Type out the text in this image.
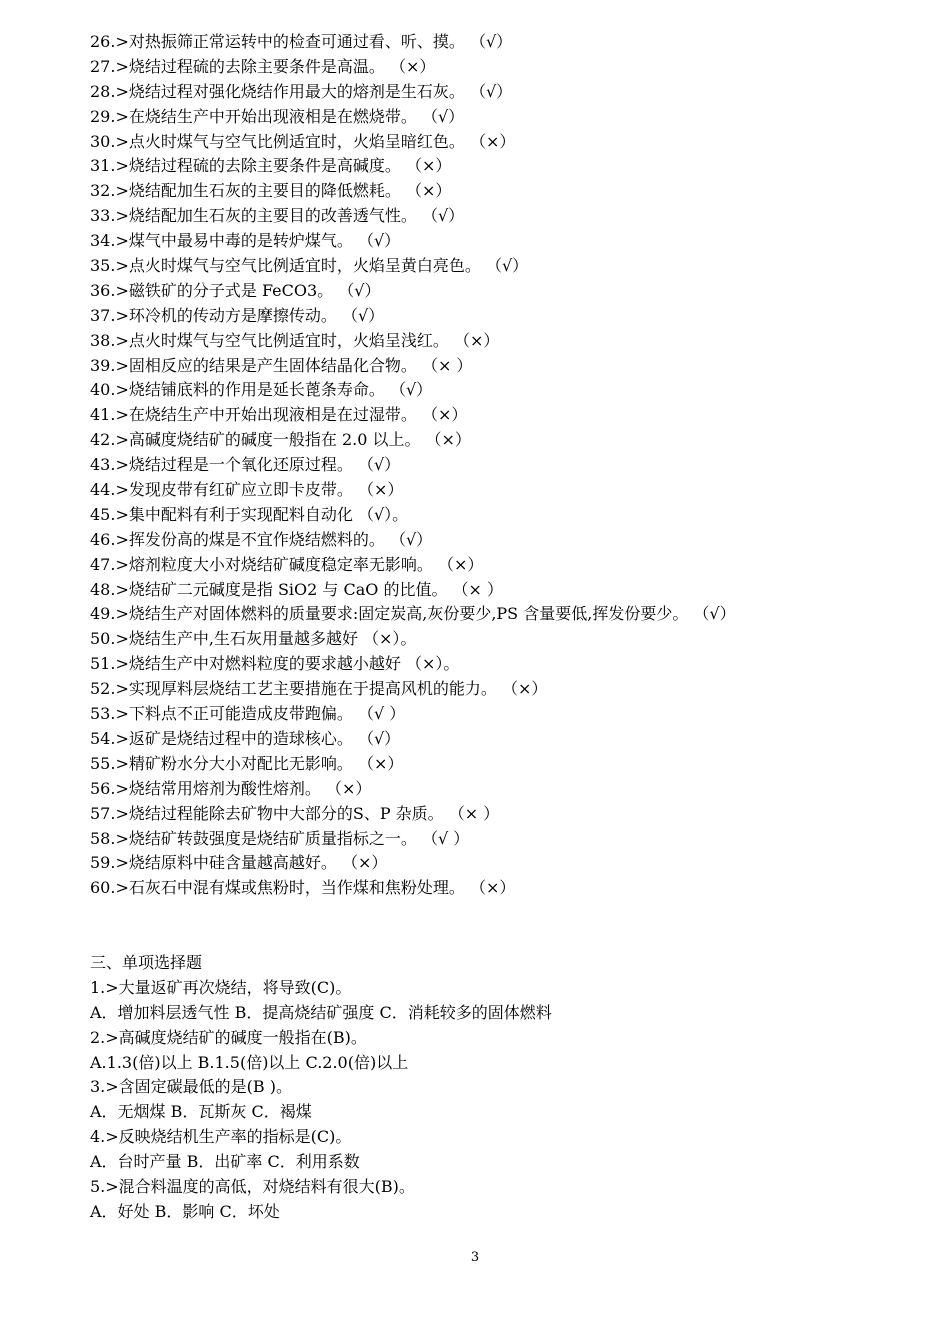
26.>对热振筛正常运转中的检查可通过看、听、摸。 （√）
27.>烧结过程硫的去除主要条件是高温。 （×）
28.>烧结过程对强化烧结作用最大的熔剂是生石灰。 （√）
29.>在烧结生产中开始出现液相是在燃烧带。 （√）
30.>点火时煤气与空气比例适宜时，火焰呈暗红色。 （×）
31.>烧结过程硫的去除主要条件是高碱度。 （×）
32.>烧结配加生石灰的主要目的降低燃耗。 （×）
33.>烧结配加生石灰的主要目的改善透气性。 （√）
34.>煤气中最易中毒的是转炉煤气。 （√）
35.>点火时煤气与空气比例适宜时，火焰呈黄白亮色。 （√）
36.>磁铁矿的分子式是 FeCO3。 （√）
37.>环冷机的传动方是摩擦传动。 （√）
38.>点火时煤气与空气比例适宜时，火焰呈浅红。 （×）
39.>固相反应的结果是产生固体结晶化合物。 （× ）
40.>烧结铺底料的作用是延长蓖条寿命。 （√）
41.>在烧结生产中开始出现液相是在过湿带。 （×）
42.>高碱度烧结矿的碱度一般指在 2.0 以上。 （×）
43.>烧结过程是一个氧化还原过程。 （√）
44.>发现皮带有红矿应立即卡皮带。 （×）
45.>集中配料有利于实现配料自动化 （√）。
46.>挥发份高的煤是不宜作烧结燃料的。 （√）
47.>熔剂粒度大小对烧结矿碱度稳定率无影响。 （×）
48.>烧结矿二元碱度是指 SiO2 与 CaO 的比值。 （× ）
49.>烧结生产对固体燃料的质量要求:固定炭高,灰份要少,PS 含量要低,挥发份要少。 （√）
50.>烧结生产中,生石灰用量越多越好 （×）。
51.>烧结生产中对燃料粒度的要求越小越好 （×）。
52.>实现厚料层烧结工艺主要措施在于提高风机的能力。 （×）
53.>下料点不正可能造成皮带跑偏。 （√ ）
54.>返矿是烧结过程中的造球核心。 （√）
55.>精矿粉水分大小对配比无影响。 （×）
56.>烧结常用熔剂为酸性熔剂。 （×）
57.>烧结过程能除去矿物中大部分的S、P 杂质。 （× ）
58.>烧结矿转鼓强度是烧结矿质量指标之一。 （√ ）
59.>烧结原料中硅含量越高越好。 （×）
60.>石灰石中混有煤或焦粉时，当作煤和焦粉处理。 （×）
三、单项选择题
1.>大量返矿再次烧结，将导致(C)。
A．增加料层透气性 B．提高烧结矿强度 C．消耗较多的固体燃料
2.>高碱度烧结矿的碱度一般指在(B)。
A.1.3(倍)以上 B.1.5(倍)以上 C.2.0(倍)以上
3.>含固定碳最低的是(B )。
A．无烟煤 B．瓦斯灰 C．褐煤
4.>反映烧结机生产率的指标是(C)。
A．台时产量 B．出矿率 C．利用系数
5.>混合料温度的高低，对烧结料有很大(B)。
A．好处 B．影响 C．坏处
3
